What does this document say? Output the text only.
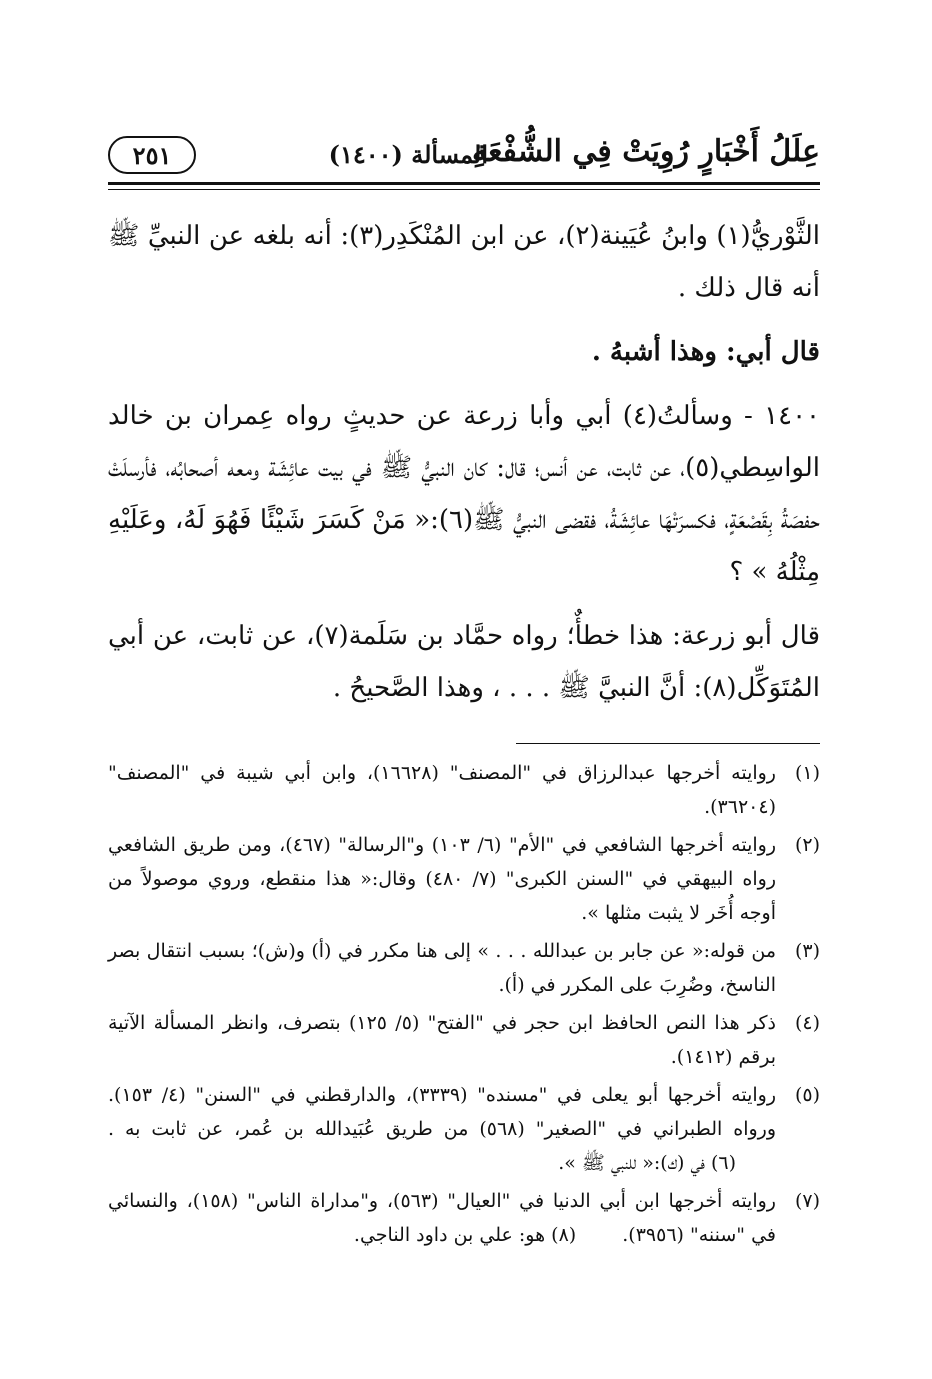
عِلَلُ أَخْبَارٍ رُوِيَتْ فِي الشُّفْعَةِ
المسألة (١٤٠٠)
٢٥١

الثَّوْريُّ(١) وابنُ عُيَينة(٢)، عن ابن المُنْكَدِر(٣): أنه بلغه عن النبيِّ ﷺ أنه قال ذلك .

قال أبي: وهذا أشبهُ .

١٤٠٠ - وسألتُ(٤) أبي وأبا زرعة عن حديثٍ رواه عِمران بن خالد الواسِطي(٥)، عن ثابت، عن أنس؛ قال: كان النبيُّ ﷺ في بيت عائِشَة ومعه أصحابُه، فأرسلَتْ حفصَةُ بِقَصْعَةٍ، فكسرَتْهَا عائِشَةُ، فقضى النبيُّ ﷺ(٦):« مَنْ كَسَرَ شَيْئًا فَهُوَ لَهُ، وعَلَيْهِ مِثْلُهُ » ؟

قال أبو زرعة: هذا خطأٌ؛ رواه حمَّاد بن سَلَمة(٧)، عن ثابت، عن أبي المُتَوَكِّل(٨): أنَّ النبيَّ ﷺ . . . ، وهذا الصَّحيحُ .

(١)
روايته أخرجها عبدالرزاق في "المصنف" (١٦٦٢٨)، وابن أبي شيبة في "المصنف" (٣٦٢٠٤).
(٢)
روايته أخرجها الشافعي في "الأم" (٦/ ١٠٣) و"الرسالة" (٤٦٧)، ومن طريق الشافعي رواه البيهقي في "السنن الكبرى" (٧/ ٤٨٠) وقال:« هذا منقطع، وروي موصولاً من أوجه أُخَر لا يثبت مثلها ».
(٣)
من قوله:« عن جابر بن عبدالله . . . » إلى هنا مكرر في (أ) و(ش)؛ بسبب انتقال بصر الناسخ، وضُرِبَ على المكرر في (أ).
(٤)
ذكر هذا النص الحافظ ابن حجر في "الفتح" (٥/ ١٢٥) بتصرف، وانظر المسألة الآتية برقم (١٤١٢).
(٥)
روايته أخرجها أبو يعلى في "مسنده" (٣٣٣٩)، والدارقطني في "السنن" (٤/ ١٥٣). ورواه الطبراني في "الصغير" (٥٦٨) من طريق عُبَيدالله بن عُمر، عن ثابت به . (٦) في (ك):« للنبي ﷺ ».
(٧)
روايته أخرجها ابن أبي الدنيا في "العيال" (٥٦٣)، و"مداراة الناس" (١٥٨)، والنسائي في "سننه" (٣٩٥٦). (٨) هو: علي بن داود الناجي.
